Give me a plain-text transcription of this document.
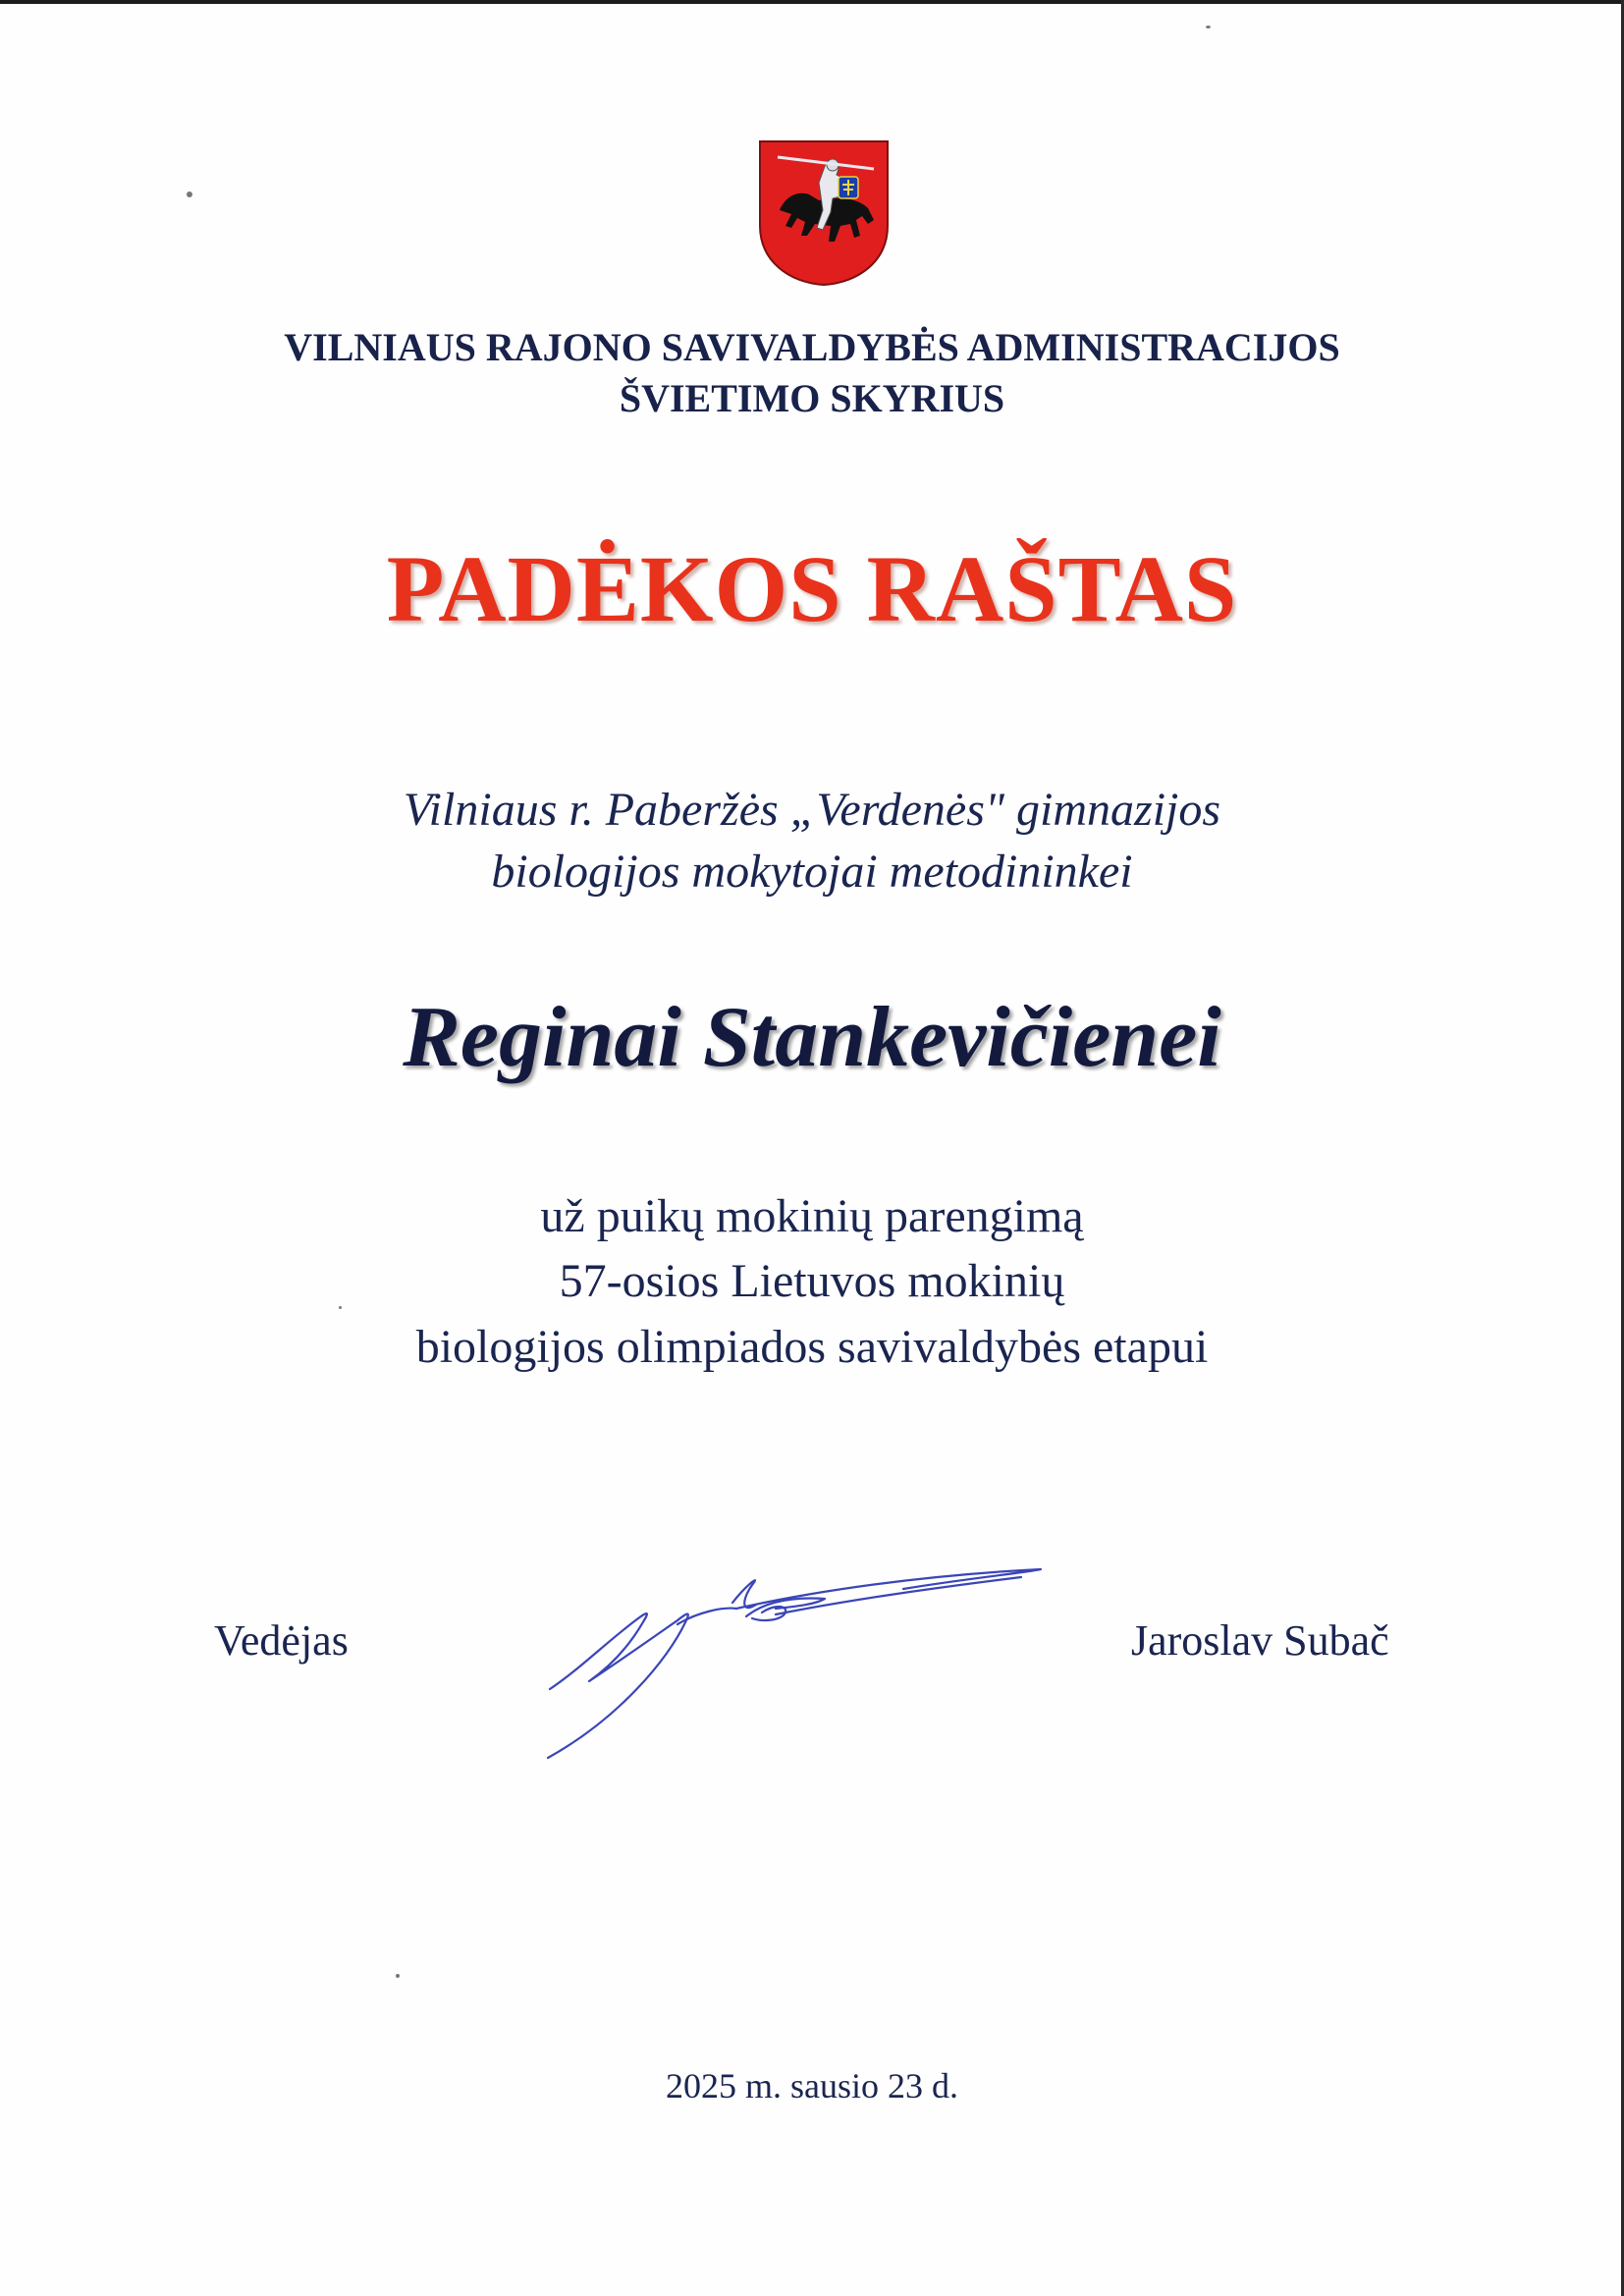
VILNIAUS RAJONO SAVIVALDYBĖS ADMINISTRACIJOS
ŠVIETIMO SKYRIUS
PADĖKOS RAŠTAS
Vilniaus r. Paberžės „Verdenės" gimnazijos
biologijos mokytojai metodininkei
Reginai Stankevičienei
už puikų mokinių parengimą
57-osios Lietuvos mokinių
biologijos olimpiados savivaldybės etapui
Vedėjas	Jaroslav Subač
2025 m. sausio 23 d.
